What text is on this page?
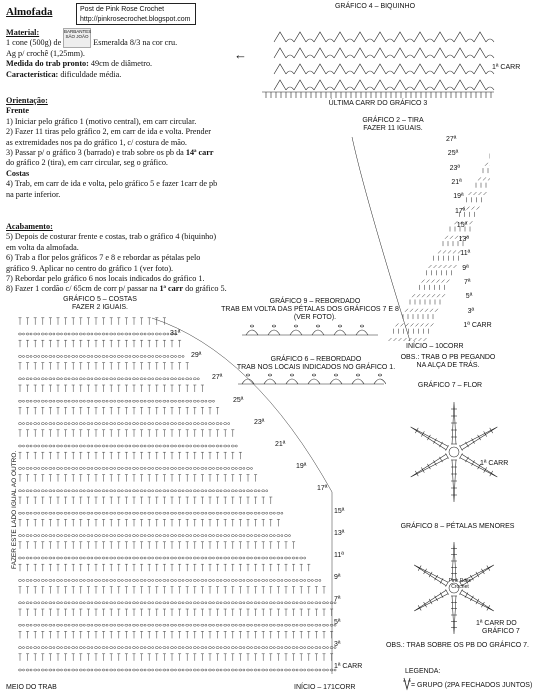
Post de Pink Rose Crochet
http://pinkrosecrochet.blogspot.com
Almofada
Material:
1 cone (500g) de	Esmeralda 8/3 na cor cru.
Ag p/ crochê (1,25mm).
Medida do trab pronto: 49cm de diâmetro.
Característica: dificuldade média.
BARBANTES
SÃO JOÃO
←
Orientação:
Frente
1) Iniciar pelo gráfico 1 (motivo central), em carr circular.
2) Fazer 11 tiras pelo gráfico 2, em carr de ida e volta. Prender
as extremidades nos pa do gráfico 1, c/ costura de mão.
3) Passar p/ o gráfico 3 (barrado) e trab sobre os pb da 14ª carr
do gráfico 2 (tira), em carr circular, seg o gráfico.
Costas
4) Trab, em carr de ida e volta, pelo gráfico 5 e fazer 1carr de pb
na parte inferior.
Acabamento:
5) Depois de costurar frente e costas, trab o gráfico 4 (biquinho)
em volta da almofada.
6) Trab a flor pelos gráficos 7 e 8 e rebordar as pétalas pelo
gráfico 9. Aplicar no centro do gráfico 1 (ver foto).
7) Rebordar pelo gráfico 6 nos locais indicados do gráfico 1.
8) Fazer 1 cordão c/ 65cm de corr p/ passar na 1ª carr do gráfico 5.
GRÁFICO 4 – BIQUINHO
1ª CARR
ÚLTIMA CARR DO GRÁFICO 3
GRÁFICO 2 – TIRA
FAZER 11 IGUAIS.
27ª
25ª
23ª
21ª
19ª
17ª
15ª
13ª
11ª
9ª
7ª
5ª
3ª
1ª CARR
INÍCIO – 10CORR
OBS.: TRAB O PB PEGANDO
NA ALÇA DE TRÁS.
GRÁFICO 5 – COSTAS
FAZER 2 IGUAIS.
31ª
29ª
27ª
25ª
23ª
21ª
19ª
17ª
15ª
13ª
11ª
9ª
7ª
5ª
3ª
1ª CARR
FAZER ESTE LADO IGUAL AO OUTRO.
MEIO DO TRAB	INÍCIO – 171CORR
GRÁFICO 9 – REBORDADO
TRAB EM VOLTA DAS PÉTALAS DOS GRÁFICOS 7 E 8
(VER FOTO).
GRÁFICO 6 – REBORDADO
TRAB NOS LOCAIS INDICADOS NO GRÁFICO 1.
GRÁFICO 7 – FLOR
1ª CARR
GRÁFICO 8 – PÉTALAS MENORES
Pink Rose
Crochet
1ª CARR DO
GRÁFICO 7
OBS.: TRAB SOBRE OS PB DO GRÁFICO 7.
LEGENDA:
= GRUPO (2PA FECHADOS JUNTOS)
